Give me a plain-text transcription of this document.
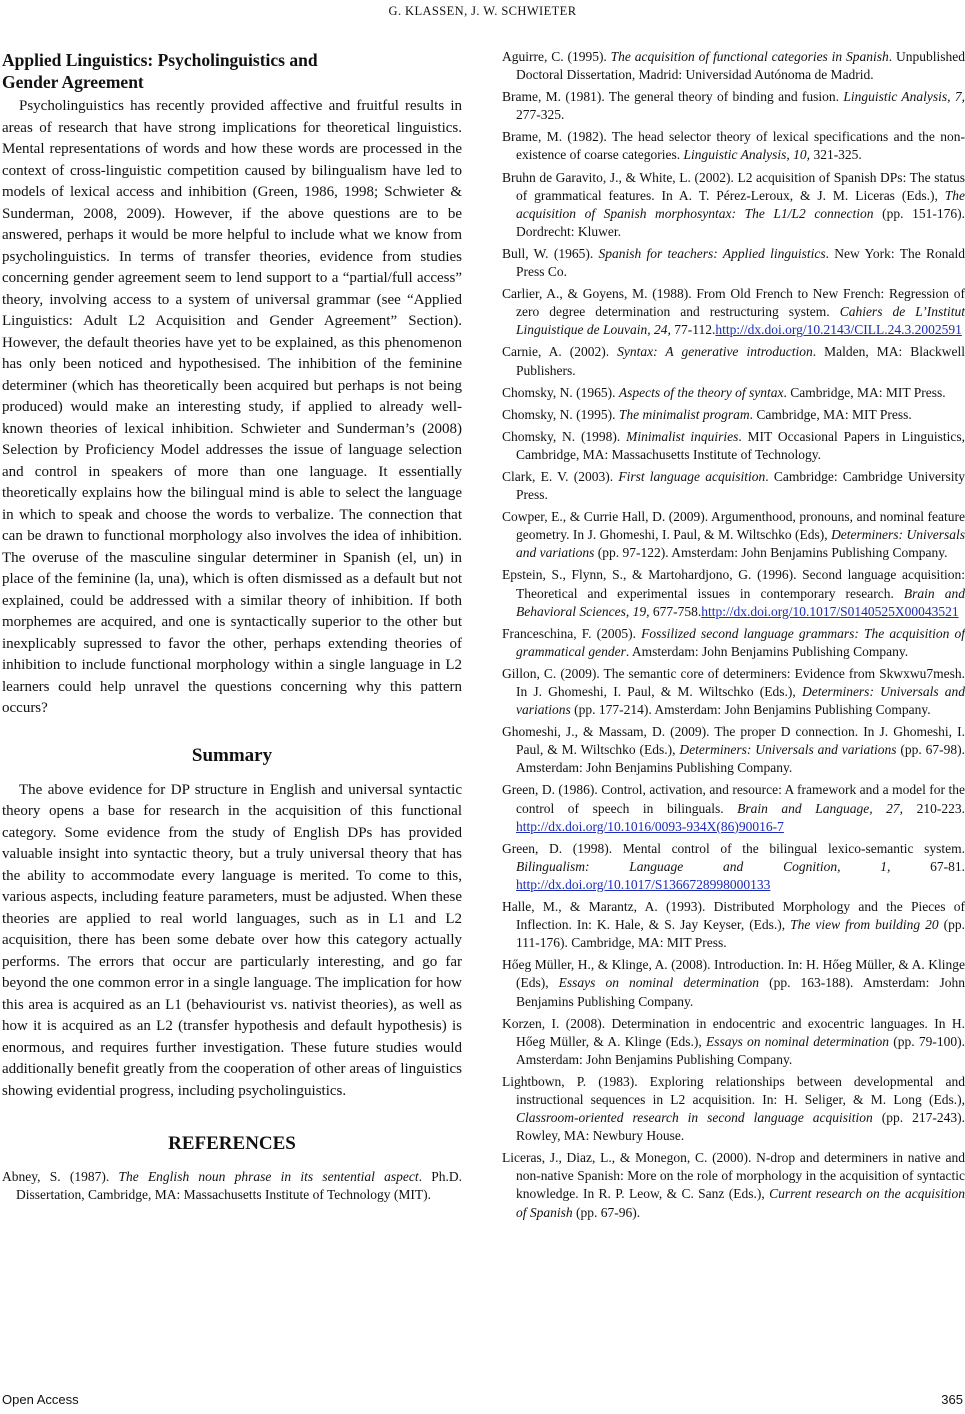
G. KLASSEN, J. W. SCHWIETER
Applied Linguistics: Psycholinguistics and
Gender Agreement

Psycholinguistics has recently provided affective and fruitful results in areas of research that have strong implications for theoretical linguistics. Mental representations of words and how these words are processed in the context of cross-linguistic competition caused by bilingualism have led to models of lexical access and inhibition (Green, 1986, 1998; Schwieter & Sunderman, 2008, 2009). However, if the above questions are to be answered, perhaps it would be more helpful to include what we know from psycholinguistics. In terms of transfer theories, evidence from studies concerning gender agreement seem to lend support to a “partial/full access” theory, involving access to a system of universal grammar (see “Applied Linguistics: Adult L2 Acquisition and Gender Agreement” Section). However, the default theories have yet to be explained, as this phenomenon has only been noticed and hypothesised. The inhibition of the feminine determiner (which has theoretically been acquired but perhaps is not being produced) would make an interesting study, if applied to already well-known theories of lexical inhibition. Schwieter and Sunderman’s (2008) Selection by Proficiency Model addresses the issue of language selection and control in speakers of more than one language. It essentially theoretically explains how the bilingual mind is able to select the language in which to speak and choose the words to verbalize. The connection that can be drawn to functional morphology also involves the idea of inhibition. The overuse of the masculine singular determiner in Spanish (el, un) in place of the feminine (la, una), which is often dismissed as a default but not explained, could be addressed with a similar theory of inhibition. If both morphemes are acquired, and one is syntactically superior to the other but inexplicably supressed to favor the other, perhaps extending theories of inhibition to include functional morphology within a single language in L2 learners could help unravel the questions concerning why this pattern occurs?

Summary

The above evidence for DP structure in English and universal syntactic theory opens a base for research in the acquisition of this functional category. Some evidence from the study of English DPs has provided valuable insight into syntactic theory, but a truly universal theory that has the ability to accommodate every language is merited. To come to this, various aspects, including feature parameters, must be adjusted. When these theories are applied to real world languages, such as in L1 and L2 acquisition, there has been some debate over how this category actually performs. The errors that occur are particularly interesting, and go far beyond the one common error in a single language. The implication for how this area is acquired as an L1 (behaviourist vs. nativist theories), as well as how it is acquired as an L2 (transfer hypothesis and default hypothesis) is enormous, and requires further investigation. These future studies would additionally benefit greatly from the cooperation of other areas of linguistics showing evidential progress, including psycholinguistics.

REFERENCES

Abney, S. (1987). The English noun phrase in its sentential aspect. Ph.D. Dissertation, Cambridge, MA: Massachusetts Institute of Technology (MIT).

Aguirre, C. (1995). The acquisition of functional categories in Spanish. Unpublished Doctoral Dissertation, Madrid: Universidad Autónoma de Madrid.

Brame, M. (1981). The general theory of binding and fusion. Linguistic Analysis, 7, 277-325.

Brame, M. (1982). The head selector theory of lexical specifications and the non-existence of coarse categories. Linguistic Analysis, 10, 321-325.

Bruhn de Garavito, J., & White, L. (2002). L2 acquisition of Spanish DPs: The status of grammatical features. In A. T. Pérez-Leroux, & J. M. Liceras (Eds.), The acquisition of Spanish morphosyntax: The L1/L2 connection (pp. 151-176). Dordrecht: Kluwer.

Bull, W. (1965). Spanish for teachers: Applied linguistics. New York: The Ronald Press Co.

Carlier, A., & Goyens, M. (1988). From Old French to New French: Regression of zero degree determination and restructuring system. Cahiers de L’Institut Linguistique de Louvain, 24, 77-112.http://dx.doi.org/10.2143/CILL.24.3.2002591

Carnie, A. (2002). Syntax: A generative introduction. Malden, MA: Blackwell Publishers.

Chomsky, N. (1965). Aspects of the theory of syntax. Cambridge, MA: MIT Press.

Chomsky, N. (1995). The minimalist program. Cambridge, MA: MIT Press.

Chomsky, N. (1998). Minimalist inquiries. MIT Occasional Papers in Linguistics, Cambridge, MA: Massachusetts Institute of Technology.

Clark, E. V. (2003). First language acquisition. Cambridge: Cambridge University Press.

Cowper, E., & Currie Hall, D. (2009). Argumenthood, pronouns, and nominal feature geometry. In J. Ghomeshi, I. Paul, & M. Wiltschko (Eds), Determiners: Universals and variations (pp. 97-122). Amsterdam: John Benjamins Publishing Company.

Epstein, S., Flynn, S., & Martohardjono, G. (1996). Second language acquisition: Theoretical and experimental issues in contemporary research. Brain and Behavioral Sciences, 19, 677-758.http://dx.doi.org/10.1017/S0140525X00043521

Franceschina, F. (2005). Fossilized second language grammars: The acquisition of grammatical gender. Amsterdam: John Benjamins Publishing Company.

Gillon, C. (2009). The semantic core of determiners: Evidence from Skwxwu7mesh. In J. Ghomeshi, I. Paul, & M. Wiltschko (Eds.), Determiners: Universals and variations (pp. 177-214). Amsterdam: John Benjamins Publishing Company.

Ghomeshi, J., & Massam, D. (2009). The proper D connection. In J. Ghomeshi, I. Paul, & M. Wiltschko (Eds.), Determiners: Universals and variations (pp. 67-98). Amsterdam: John Benjamins Publishing Company.

Green, D. (1986). Control, activation, and resource: A framework and a model for the control of speech in bilinguals. Brain and Language, 27, 210-223. http://dx.doi.org/10.1016/0093-934X(86)90016-7

Green, D. (1998). Mental control of the bilingual lexico-semantic system. Bilingualism: Language and Cognition, 1, 67-81.http://dx.doi.org/10.1017/S1366728998000133

Halle, M., & Marantz, A. (1993). Distributed Morphology and the Pieces of Inflection. In: K. Hale, & S. Jay Keyser, (Eds.), The view from building 20 (pp. 111-176). Cambridge, MA: MIT Press.

Hőeg Müller, H., & Klinge, A. (2008). Introduction. In: H. Hőeg Müller, & A. Klinge (Eds), Essays on nominal determination (pp. 163-188). Amsterdam: John Benjamins Publishing Company.

Korzen, I. (2008). Determination in endocentric and exocentric languages. In H. Hőeg Müller, & A. Klinge (Eds.), Essays on nominal determination (pp. 79-100). Amsterdam: John Benjamins Publishing Company.

Lightbown, P. (1983). Exploring relationships between developmental and instructional sequences in L2 acquisition. In: H. Seliger, & M. Long (Eds.), Classroom-oriented research in second language acquisition (pp. 217-243). Rowley, MA: Newbury House.

Liceras, J., Diaz, L., & Monegon, C. (2000). N-drop and determiners in native and non-native Spanish: More on the role of morphology in the acquisition of syntactic knowledge. In R. P. Leow, & C. Sanz (Eds.), Current research on the acquisition of Spanish (pp. 67-96).

Open Access	365
